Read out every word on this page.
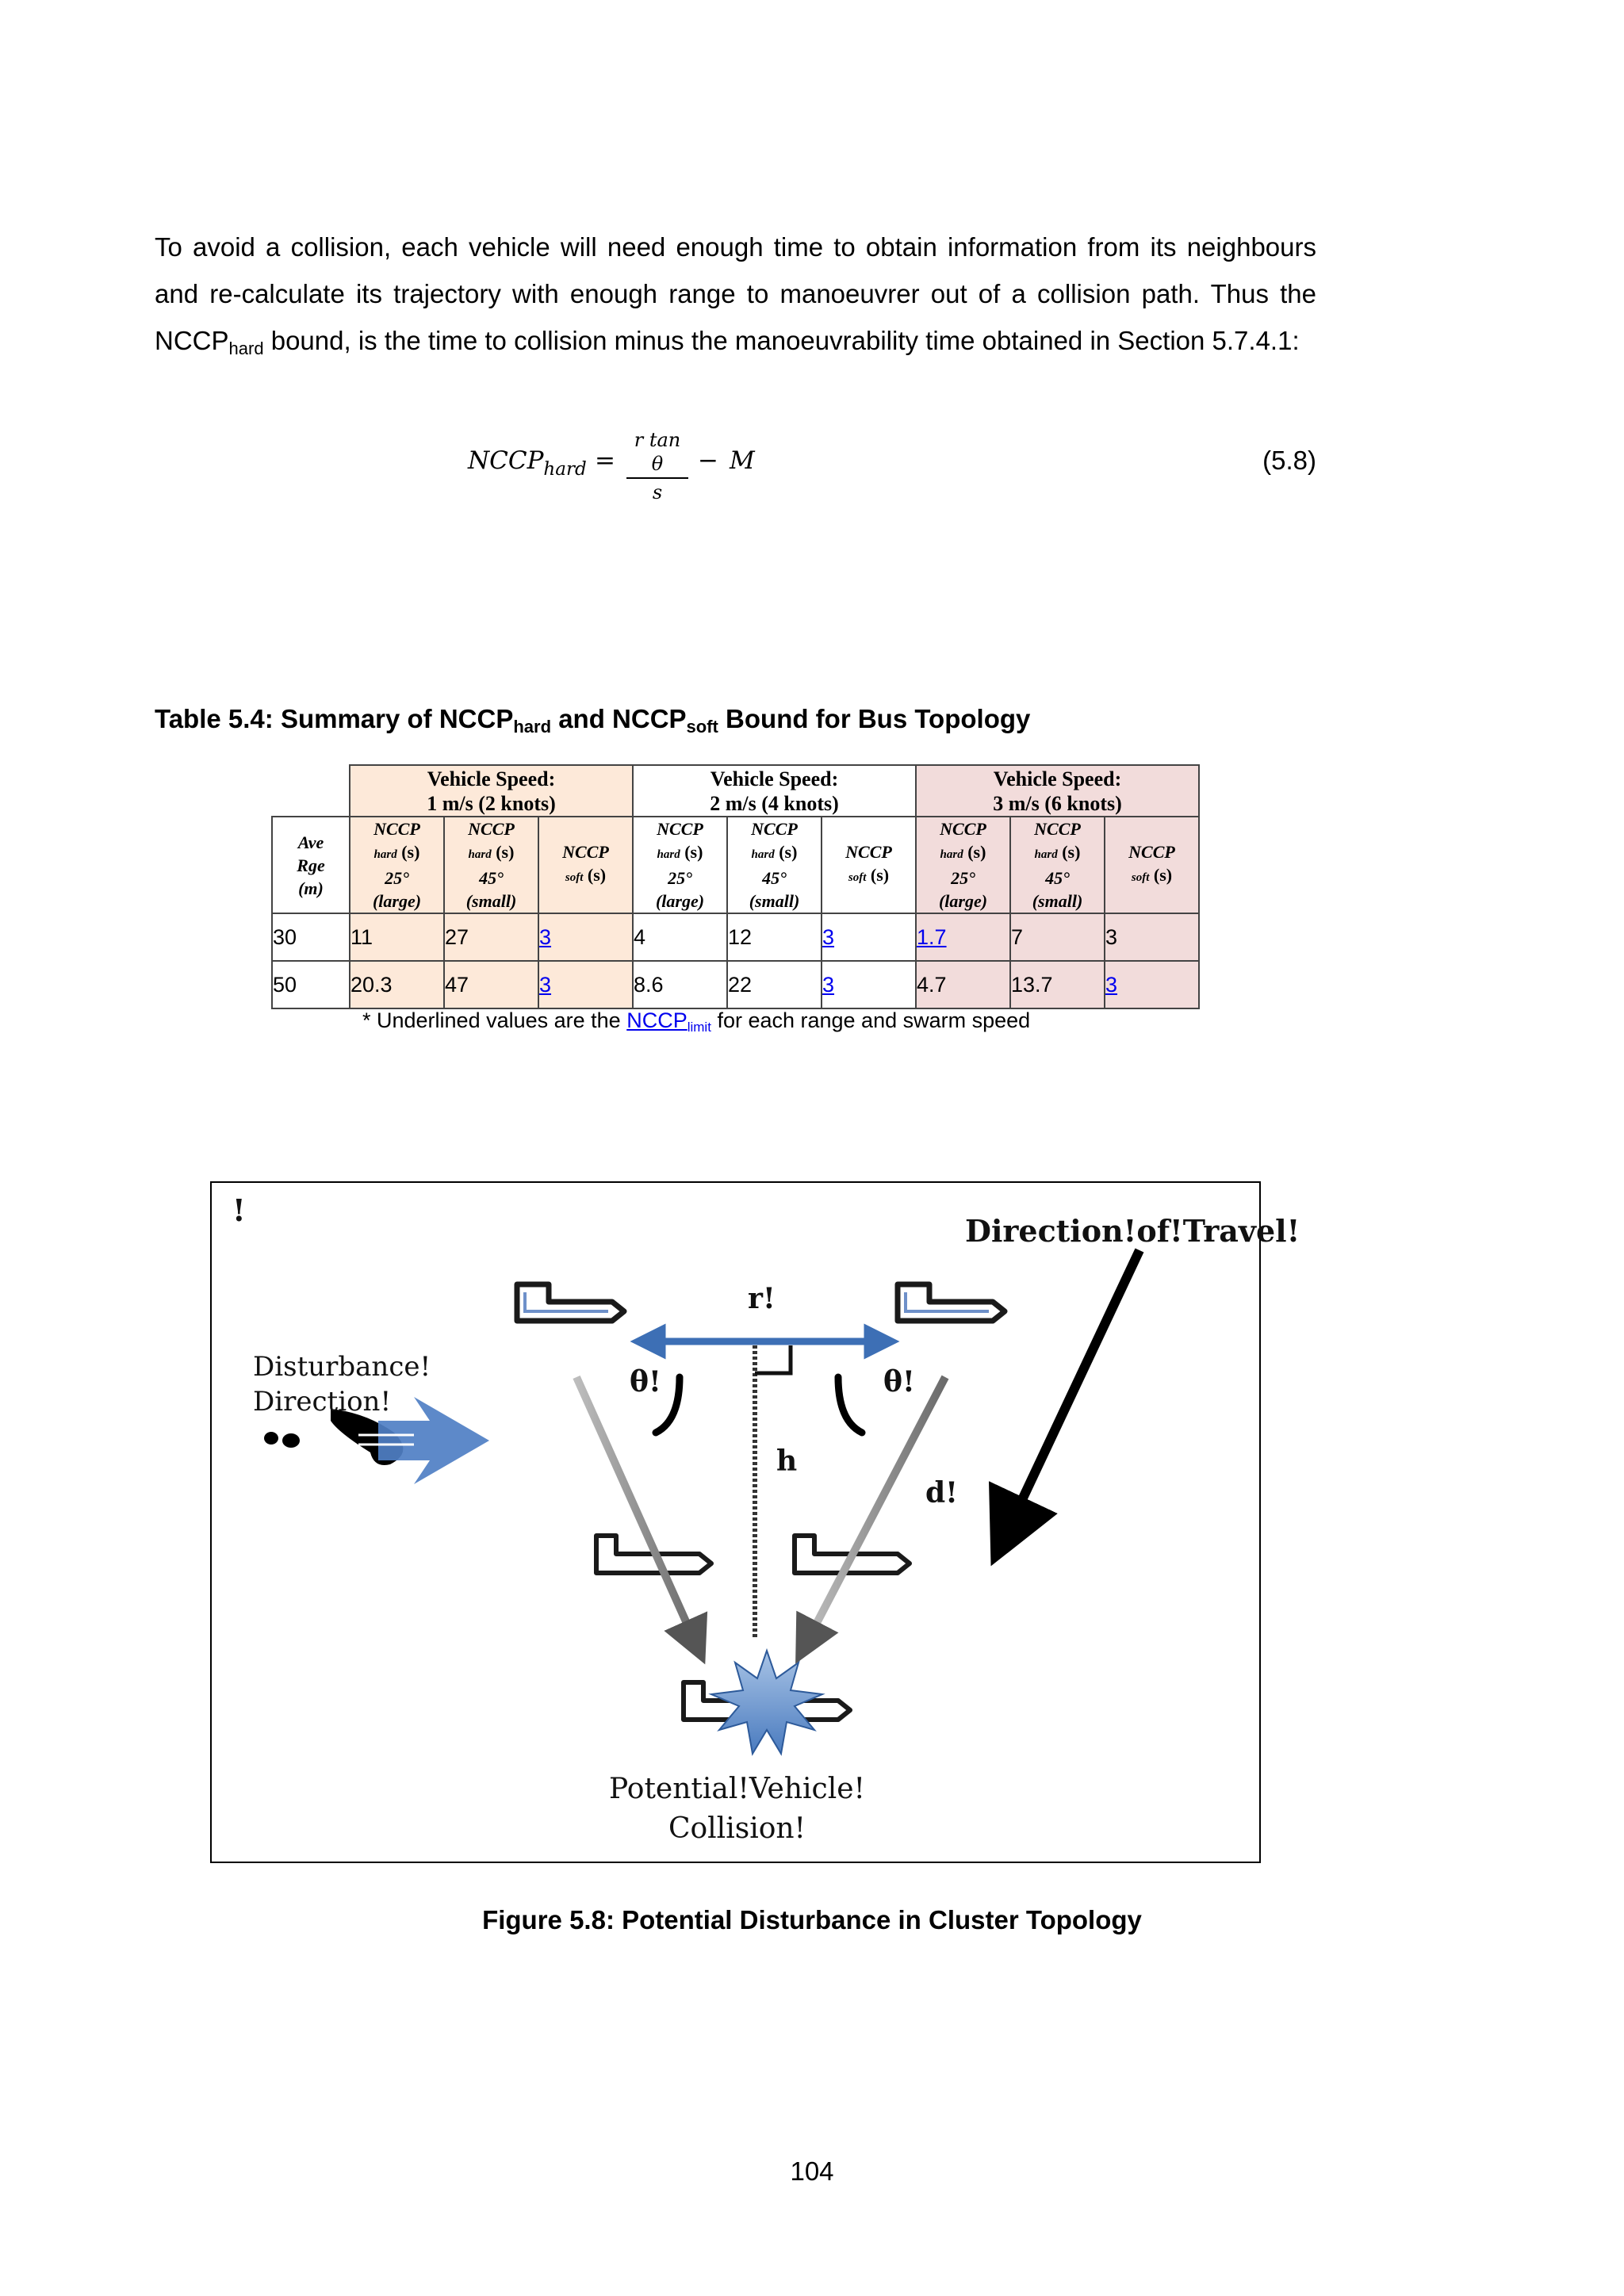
To avoid a collision, each vehicle will need enough time to obtain information from its neighbours and re-calculate its trajectory with enough range to manoeuvrer out of a collision path. Thus the $NCCP_{hard}$ bound, is the time to collision minus the manoeuvrability time obtained in Section 5.7.4.1:
$NCCP_{hard}$ =
r tan θ
s
− M	(5.8)
Table 5.4: Summary of $NCCP_{hard}$ and $NCCP_{soft}$ Bound for Bus Topology
	Vehicle Speed:
1 m/s (2 knots)			Vehicle Speed:
2 m/s (4 knots)			Vehicle Speed:
3 m/s (6 knots)		
Ave
Rge
(m)	NCCP
hard (s)
25°
(large)	NCCP
hard (s)
45°
(small)	NCCP
soft (s)	NCCP
hard (s)
25°
(large)	NCCP
hard (s)
45°
(small)	NCCP
soft (s)	NCCP
hard (s)
25°
(large)	NCCP
hard (s)
45°
(small)	NCCP
soft (s)
30	11	27	3	4	12	3	1.7	7	3
50	20.3	47	3	8.6	22	3	4.7	13.7	3
* Underlined values are the $NCCP_{limit}$ for each range and swarm speed
!
Direction!of!Travel!
r!
θ!	θ!
h
d!
Disturbance!
Direction!
Potential!Vehicle!
Collision!
Figure 5.8: Potential Disturbance in Cluster Topology
104
